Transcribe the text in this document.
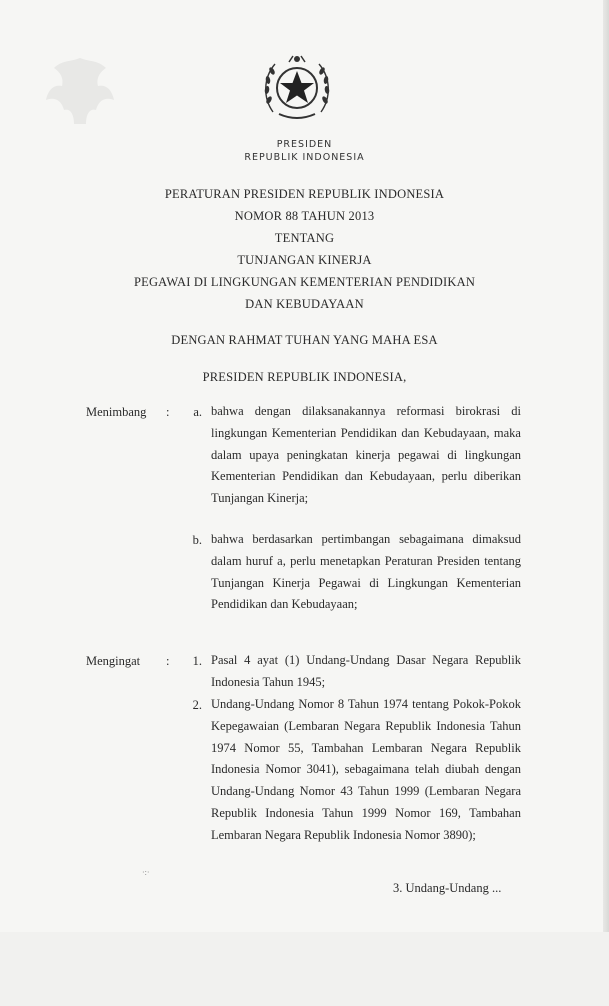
PRESIDEN
REPUBLIK INDONESIA
PERATURAN PRESIDEN REPUBLIK INDONESIA
NOMOR 88 TAHUN 2013
TENTANG
TUNJANGAN KINERJA
PEGAWAI DI LINGKUNGAN KEMENTERIAN PENDIDIKAN
DAN KEBUDAYAAN
DENGAN RAHMAT TUHAN YANG MAHA ESA
PRESIDEN REPUBLIK INDONESIA,
Menimbang :	a. bahwa dengan dilaksanakannya reformasi birokrasi di lingkungan Kementerian Pendidikan dan Kebudayaan, maka dalam upaya peningkatan kinerja pegawai di lingkungan Kementerian Pendidikan dan Kebudayaan, perlu diberikan Tunjangan Kinerja;
b. bahwa berdasarkan pertimbangan sebagaimana dimaksud dalam huruf a, perlu menetapkan Peraturan Presiden tentang Tunjangan Kinerja Pegawai di Lingkungan Kementerian Pendidikan dan Kebudayaan;
Mengingat :	1. Pasal 4 ayat (1) Undang-Undang Dasar Negara Republik Indonesia Tahun 1945;
2. Undang-Undang Nomor 8 Tahun 1974 tentang Pokok-Pokok Kepegawaian (Lembaran Negara Republik Indonesia Tahun 1974 Nomor 55, Tambahan Lembaran Negara Republik Indonesia Nomor 3041), sebagaimana telah diubah dengan Undang-Undang Nomor 43 Tahun 1999 (Lembaran Negara Republik Indonesia Tahun 1999 Nomor 169, Tambahan Lembaran Negara Republik Indonesia Nomor 3890);
·:·
3. Undang-Undang ...
